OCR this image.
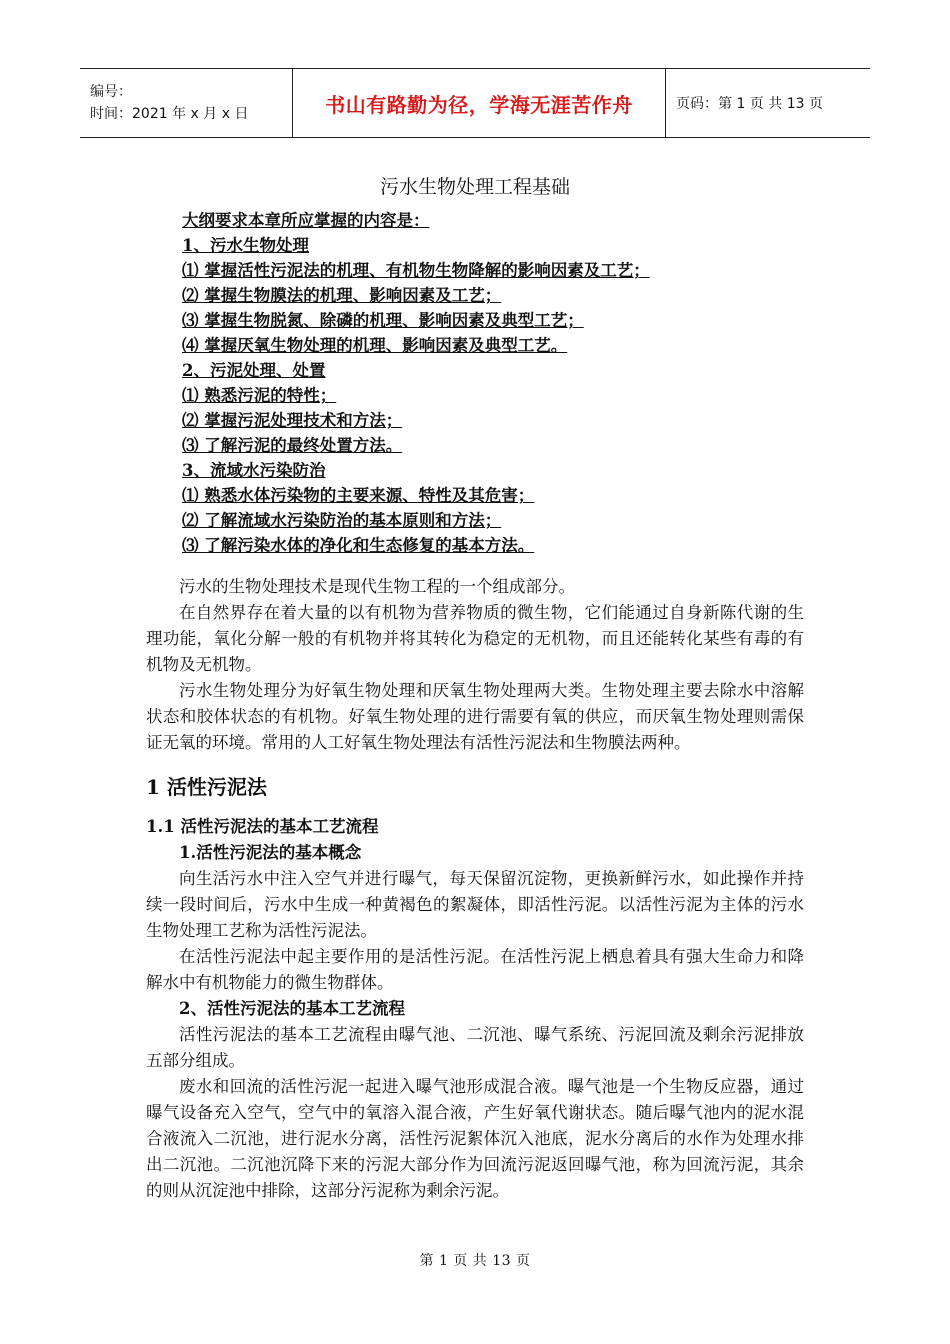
编号：
时间：2021 年 x 月 x 日	书山有路勤为径，学海无涯苦作舟	页码：第 1 页 共 13 页
污水生物处理工程基础
大纲要求本章所应掌握的内容是：
1、污水生物处理
⑴ 掌握活性污泥法的机理、有机物生物降解的影响因素及工艺；
⑵ 掌握生物膜法的机理、影响因素及工艺；
⑶ 掌握生物脱氮、除磷的机理、影响因素及典型工艺；
⑷ 掌握厌氧生物处理的机理、影响因素及典型工艺。
2、污泥处理、处置
⑴ 熟悉污泥的特性；
⑵ 掌握污泥处理技术和方法；
⑶ 了解污泥的最终处置方法。
3、流域水污染防治
⑴ 熟悉水体污染物的主要来源、特性及其危害；
⑵ 了解流域水污染防治的基本原则和方法；
⑶ 了解污染水体的净化和生态修复的基本方法。

污水的生物处理技术是现代生物工程的一个组成部分。

在自然界存在着大量的以有机物为营养物质的微生物，它们能通过自身新陈代谢的生理功能，氧化分解一般的有机物并将其转化为稳定的无机物，而且还能转化某些有毒的有机物及无机物。

污水生物处理分为好氧生物处理和厌氧生物处理两大类。生物处理主要去除水中溶解状态和胶体状态的有机物。好氧生物处理的进行需要有氧的供应，而厌氧生物处理则需保证无氧的环境。常用的人工好氧生物处理法有活性污泥法和生物膜法两种。

1 活性污泥法
1.1 活性污泥法的基本工艺流程
1.活性污泥法的基本概念

向生活污水中注入空气并进行曝气，每天保留沉淀物，更换新鲜污水，如此操作并持续一段时间后，污水中生成一种黄褐色的絮凝体，即活性污泥。以活性污泥为主体的污水生物处理工艺称为活性污泥法。

在活性污泥法中起主要作用的是活性污泥。在活性污泥上栖息着具有强大生命力和降解水中有机物能力的微生物群体。

2、活性污泥法的基本工艺流程

活性污泥法的基本工艺流程由曝气池、二沉池、曝气系统、污泥回流及剩余污泥排放五部分组成。

废水和回流的活性污泥一起进入曝气池形成混合液。曝气池是一个生物反应器，通过曝气设备充入空气，空气中的氧溶入混合液，产生好氧代谢状态。随后曝气池内的泥水混合液流入二沉池，进行泥水分离，活性污泥絮体沉入池底，泥水分离后的水作为处理水排出二沉池。二沉池沉降下来的污泥大部分作为回流污泥返回曝气池，称为回流污泥，其余的则从沉淀池中排除，这部分污泥称为剩余污泥。

第 1 页 共 13 页
